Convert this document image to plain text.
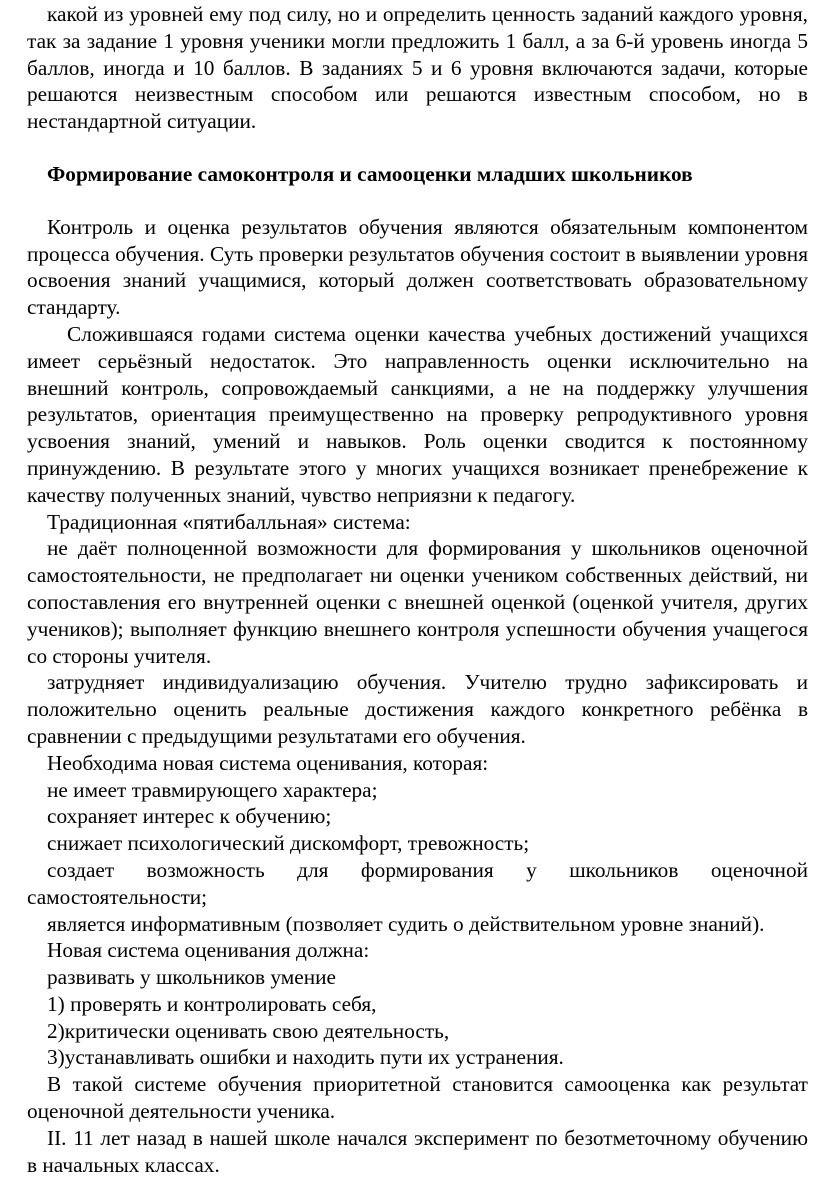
какой из уровней ему под силу, но и определить ценность заданий каждого уровня, так за задание 1 уровня ученики могли предложить 1 балл, а за 6-й уровень иногда 5 баллов, иногда и 10 баллов. В заданиях 5 и 6 уровня включаются задачи, которые решаются неизвестным способом или решаются известным способом, но в нестандартной ситуации.

Формирование самоконтроля и самооценки младших школьников

Контроль и оценка результатов обучения являются обязательным компонентом процесса обучения. Суть проверки результатов обучения состоит в выявлении уровня освоения знаний учащимися, который должен соответствовать образовательному стандарту.

Сложившаяся годами система оценки качества учебных достижений учащихся имеет серьёзный недостаток. Это направленность оценки исключительно на внешний контроль, сопровождаемый санкциями, а не на поддержку улучшения результатов, ориентация преимущественно на проверку репродуктивного уровня усвоения знаний, умений и навыков. Роль оценки сводится к постоянному принуждению. В результате этого у многих учащихся возникает пренебрежение к качеству полученных знаний, чувство неприязни к педагогу.

Традиционная «пятибалльная» система:

не даёт полноценной возможности для формирования у школьников оценочной самостоятельности, не предполагает ни оценки учеником собственных действий, ни сопоставления его внутренней оценки с внешней оценкой (оценкой учителя, других учеников); выполняет функцию внешнего контроля успешности обучения учащегося со стороны учителя.

затрудняет индивидуализацию обучения. Учителю трудно зафиксировать и положительно оценить реальные достижения каждого конкретного ребёнка в сравнении с предыдущими результатами его обучения.

Необходима новая система оценивания, которая:

не имеет травмирующего характера;

сохраняет интерес к обучению;

снижает психологический дискомфорт, тревожность;

создает возможность для формирования у школьников оценочной самостоятельности;

является информативным (позволяет судить о действительном уровне знаний).

Новая система оценивания должна:

развивать у школьников умение

1) проверять и контролировать себя,

2)критически оценивать свою деятельность,

3)устанавливать ошибки и находить пути их устранения.

В такой системе обучения приоритетной становится самооценка как результат оценочной деятельности ученика.

II. 11 лет назад в нашей школе начался эксперимент по безотметочному обучению в начальных классах.
